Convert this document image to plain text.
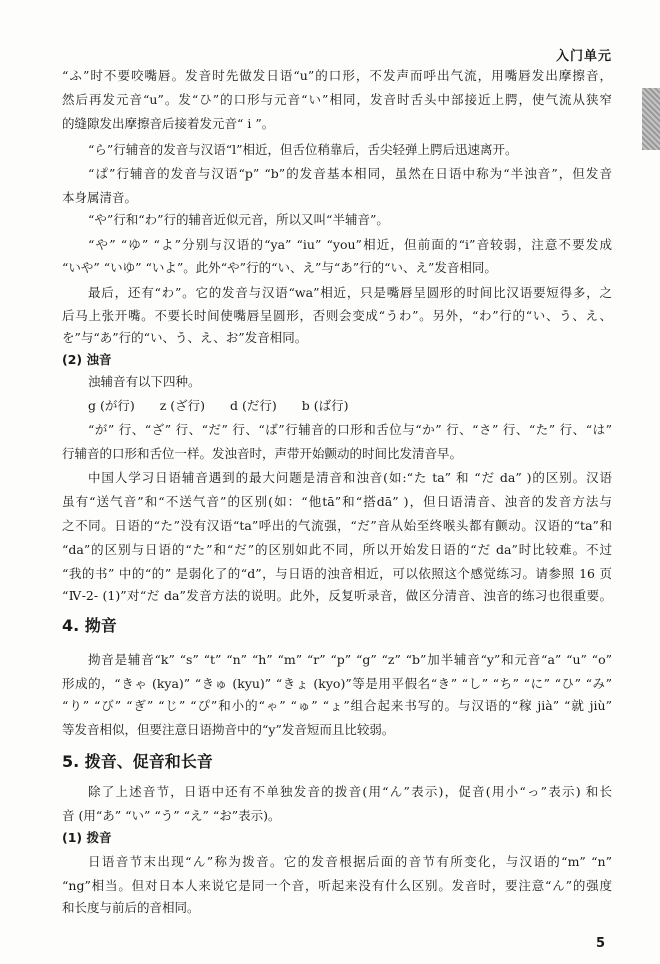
入门单元
“ふ”时不要咬嘴唇。发音时先做发日语“u”的口形，不发声而呼出气流，用嘴唇发出摩擦音，
然后再发元音“u”。发“ひ”的口形与元音“い”相同，发音时舌头中部接近上腭，使气流从狭窄
的缝隙发出摩擦音后接着发元音“ i ”。
“ら”行辅音的发音与汉语“l”相近，但舌位稍靠后，舌尖轻弹上腭后迅速离开。
“ぱ”行辅音的发音与汉语“p” “b”的发音基本相同，虽然在日语中称为“半浊音”，但发音
本身属清音。
“や”行和“わ”行的辅音近似元音，所以又叫“半辅音”。
“や” “ゆ” “よ”分别与汉语的“ya” “iu” “you”相近，但前面的“i”音较弱，注意不要发成
“いや” “いゆ” “いよ”。此外“や”行的“い、え”与“あ”行的“い、え”发音相同。
最后，还有“わ”。它的发音与汉语“wa”相近，只是嘴唇呈圆形的时间比汉语要短得多，之
后马上张开嘴。不要长时间使嘴唇呈圆形，否则会变成“うわ”。另外，“わ”行的“い、う、え、
を”与“あ”行的“い、う、え、お”发音相同。
(2) 浊音
浊辅音有以下四种。
g (が行)　　z (ざ行)　　d (だ行)　　b (ば行)
“が” 行、“ざ” 行、“だ” 行、“ば”行辅音的口形和舌位与“か” 行、“さ” 行、“た” 行、“は”
行辅音的口形和舌位一样。发浊音时，声带开始颤动的时间比发清音早。
中国人学习日语辅音遇到的最大问题是清音和浊音(如:“た ta” 和 “だ da” )的区别。汉语
虽有“送气音”和“不送气音”的区别(如：“他tā”和“搭dā” )，但日语清音、浊音的发音方法与
之不同。日语的“た”没有汉语“ta”呼出的气流强，“だ”音从始至终喉头都有颤动。汉语的“ta”和
“da”的区别与日语的“た”和“だ”的区别如此不同，所以开始发日语的“だ da”时比较难。不过
“我的书” 中的“的” 是弱化了的“d”，与日语的浊音相近，可以依照这个感觉练习。请参照 16 页
“Ⅳ-2- (1)”对“だ da”发音方法的说明。此外，反复听录音，做区分清音、浊音的练习也很重要。
4. 拗音
拗音是辅音“k” “s” “t” “n” “h” “m” “r” “p” “g” “z” “b”加半辅音“y”和元音“a” “u” “o”
形成的，“きゃ (kya)” “きゅ (kyu)” “きょ (kyo)”等是用平假名“き” “し” “ち” “に” “ひ” “み”
“り” “び” “ぎ” “じ” “ぴ”和小的“ゃ” “ゅ” “ょ”组合起来书写的。与汉语的“稼 jià” “就 jiù”
等发音相似，但要注意日语拗音中的“y”发音短而且比较弱。
5. 拨音、促音和长音
除了上述音节，日语中还有不单独发音的拨音(用“ん”表示)，促音(用小“っ”表示) 和长
音 (用“あ” “い” “う” “え” “お”表示)。
(1) 拨音
日语音节末出现“ん”称为拨音。它的发音根据后面的音节有所变化，与汉语的“m” “n”
“ng”相当。但对日本人来说它是同一个音，听起来没有什么区别。发音时，要注意“ん”的强度
和长度与前后的音相同。
5
